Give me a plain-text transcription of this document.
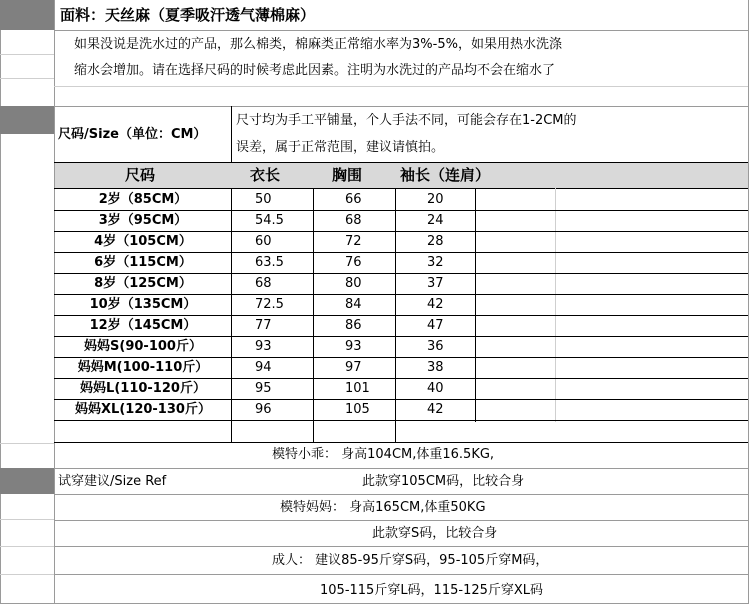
面料：天丝麻（夏季吸汗透气薄棉麻）
如果没说是洗水过的产品，那么棉类，棉麻类正常缩水率为3%-5%，如果用热水洗涤
缩水会增加。请在选择尺码的时候考虑此因素。注明为水洗过的产品均不会在缩水了
尺码/Size（单位：CM）
尺寸均为手工平铺量，个人手法不同，可能会存在1-2CM的
误差，属于正常范围，建议请慎拍。
尺码	衣长	胸围	袖长（连肩）
2岁（85CM）	50	66	20
3岁（95CM）	54.5	68	24
4岁（105CM）	60	72	28
6岁（115CM）	63.5	76	32
8岁（125CM）	68	80	37
10岁（135CM）	72.5	84	42
12岁（145CM）	77	86	47
妈妈S(90-100斤）	93	93	36
妈妈M(100-110斤）	94	97	38
妈妈L(110-120斤）	95	101	40
妈妈XL(120-130斤）	96	105	42
模特小乖： 身高104CM,体重16.5KG,
试穿建议/Size Ref	此款穿105CM码，比较合身
模特妈妈： 身高165CM,体重50KG
此款穿S码，比较合身
成人： 建议85-95斤穿S码，95-105斤穿M码，
105-115斤穿L码，115-125斤穿XL码
